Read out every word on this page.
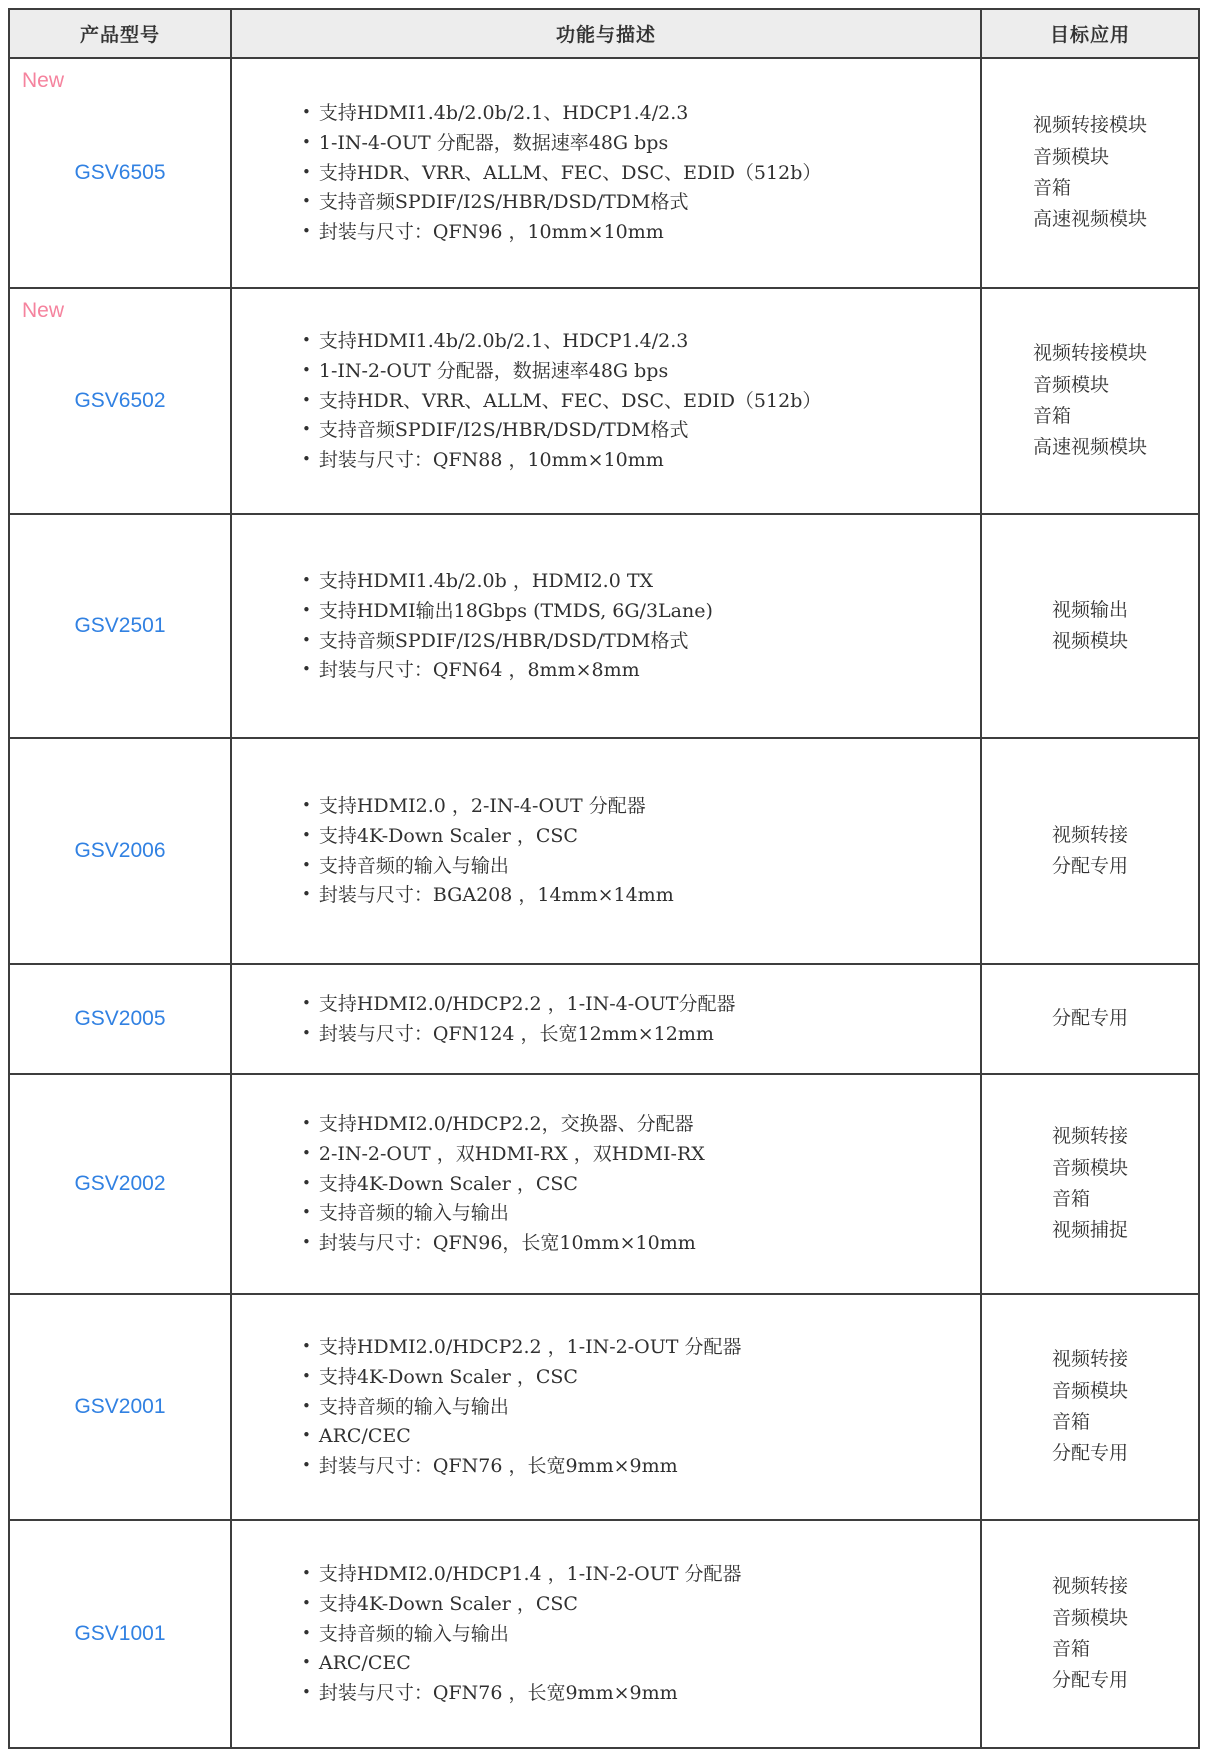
产品型号	功能与描述	目标应用
New
GSV6505
• 支持HDMI1.4b/2.0b/2.1、HDCP1.4/2.3
• 1-IN-4-OUT 分配器，数据速率48G bps
• 支持HDR、VRR、ALLM、FEC、DSC、EDID（512b）
• 支持音频SPDIF/I2S/HBR/DSD/TDM格式
• 封装与尺寸：QFN96 ，10mm×10mm
视频转接模块
音频模块
音箱
高速视频模块
New
GSV6502
• 支持HDMI1.4b/2.0b/2.1、HDCP1.4/2.3
• 1-IN-2-OUT 分配器，数据速率48G bps
• 支持HDR、VRR、ALLM、FEC、DSC、EDID（512b）
• 支持音频SPDIF/I2S/HBR/DSD/TDM格式
• 封装与尺寸：QFN88 ，10mm×10mm
视频转接模块
音频模块
音箱
高速视频模块
GSV2501
• 支持HDMI1.4b/2.0b ，HDMI2.0 TX
• 支持HDMI输出18Gbps (TMDS, 6G/3Lane)
• 支持音频SPDIF/I2S/HBR/DSD/TDM格式
• 封装与尺寸：QFN64 ，8mm×8mm
视频输出
视频模块
GSV2006
• 支持HDMI2.0 ，2-IN-4-OUT 分配器
• 支持4K-Down Scaler ，CSC
• 支持音频的输入与输出
• 封装与尺寸：BGA208 ，14mm×14mm
视频转接
分配专用
GSV2005
• 支持HDMI2.0/HDCP2.2 ，1-IN-4-OUT分配器
• 封装与尺寸：QFN124 ，长宽12mm×12mm
分配专用
GSV2002
• 支持HDMI2.0/HDCP2.2，交换器、分配器
• 2-IN-2-OUT ，双HDMI-RX ，双HDMI-RX
• 支持4K-Down Scaler ，CSC
• 支持音频的输入与输出
• 封装与尺寸：QFN96，长宽10mm×10mm
视频转接
音频模块
音箱
视频捕捉
GSV2001
• 支持HDMI2.0/HDCP2.2 ，1-IN-2-OUT 分配器
• 支持4K-Down Scaler ，CSC
• 支持音频的输入与输出
• ARC/CEC
• 封装与尺寸：QFN76 ，长宽9mm×9mm
视频转接
音频模块
音箱
分配专用
GSV1001
• 支持HDMI2.0/HDCP1.4 ，1-IN-2-OUT 分配器
• 支持4K-Down Scaler ，CSC
• 支持音频的输入与输出
• ARC/CEC
• 封装与尺寸：QFN76 ，长宽9mm×9mm
视频转接
音频模块
音箱
分配专用
